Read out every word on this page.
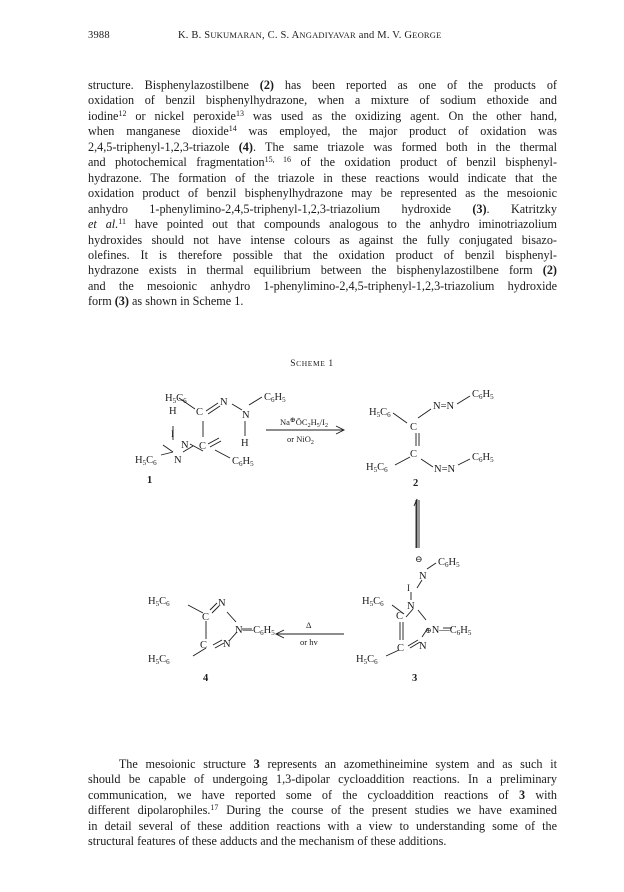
3988	K. B. SUKUMARAN, C. S. ANGADIYAVAR and M. V. GEORGE
structure. Bisphenylazostilbene (2) has been reported as one of the products of
oxidation of benzil bisphenylhydrazone, when a mixture of sodium ethoxide and
iodine$^{12}$ or nickel peroxide$^{13}$ was used as the oxidizing agent. On the other hand,
when manganese dioxide$^{14}$ was employed, the major product of oxidation was
2,4,5-triphenyl-1,2,3-triazole (4). The same triazole was formed both in the thermal
and photochemical fragmentation$^{15, 16}$ of the oxidation product of benzil bisphenyl-
hydrazone. The formation of the triazole in these reactions would indicate that the
oxidation product of benzil bisphenylhydrazone may be represented as the mesoionic
anhydro 1-phenylimino-2,4,5-triphenyl-1,2,3-triazolium hydroxide (3). Katritzky
et al.$^{11}$ have pointed out that compounds analogous to the anhydro iminotriazolium
hydroxides should not have intense colours as against the fully conjugated bisazo-
olefines. It is therefore possible that the oxidation product of benzil bisphenyl-
hydrazone exists in thermal equilibrium between the bisphenylazostilbene form (2)
and the mesoionic anhydro 1-phenylimino-2,4,5-triphenyl-1,2,3-triazolium hydroxide
form (3) as shown in Scheme 1.
SCHEME 1
H5C6
C
N	C6H5
H	N
H
C
N
N
H5C6	C6H5
I
1
$Na^\oplus ŌC_2H_5/I_2$
or NiO$_2$
H5C6
C
N=N
C6H5
C
H5C6	N=N
C6H5
2
H5C6
C
N
N—C6H5
C N
H5C6
4
Δ
or hv
⊖ C6H5
N
I
N
H5C6
C
⊕N—C6H5
C N
H5C6
3
The mesoionic structure 3 represents an azomethineimine system and as such it
should be capable of undergoing 1,3-dipolar cycloaddition reactions. In a preliminary
communication, we have reported some of the cycloaddition reactions of 3 with
different dipolarophiles.$^{17}$ During the course of the present studies we have examined
in detail several of these addition reactions with a view to understanding some of the
structural features of these adducts and the mechanism of these additions.
